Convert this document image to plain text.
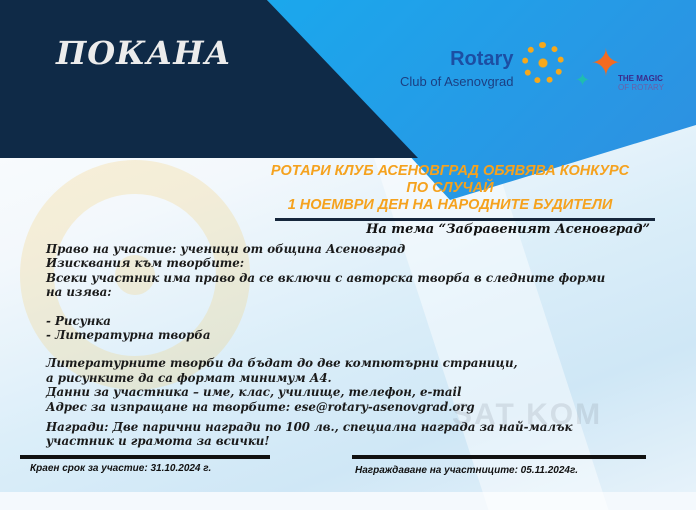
ПОКАНА	Rotary
Club of Asenovgrad	✦ ✦
THE MAGIC
OF ROTARY
РОТАРИ КЛУБ АСЕНОВГРАД ОБЯВЯВА КОНКУРС
ПО СЛУЧАЙ
1 НОЕМВРИ ДЕН НА НАРОДНИТЕ БУДИТЕЛИ
На тема “Забравеният Асеновград”

Право на участие: ученици от община Асеновград

Изисквания към творбите:

Всеки участник има право да се включи с авторска творба в следните форми

на изява:

- Рисунка

- Литературна творба

Литературните творби да бъдат до две компютърни страници,

а рисунките да са формат минимум А4.

Данни за участника – име, клас, училище, телефон, e-mail

Адрес за изпращане на творбите: ese@rotary-asenovgrad.org

Награди: Две парични награди по 100 лв., специална награда за най-малък

участник и грамота за всички!

SAT KOM
Краен срок за участие: 31.10.2024 г.	Награждаване на участниците: 05.11.2024г.
